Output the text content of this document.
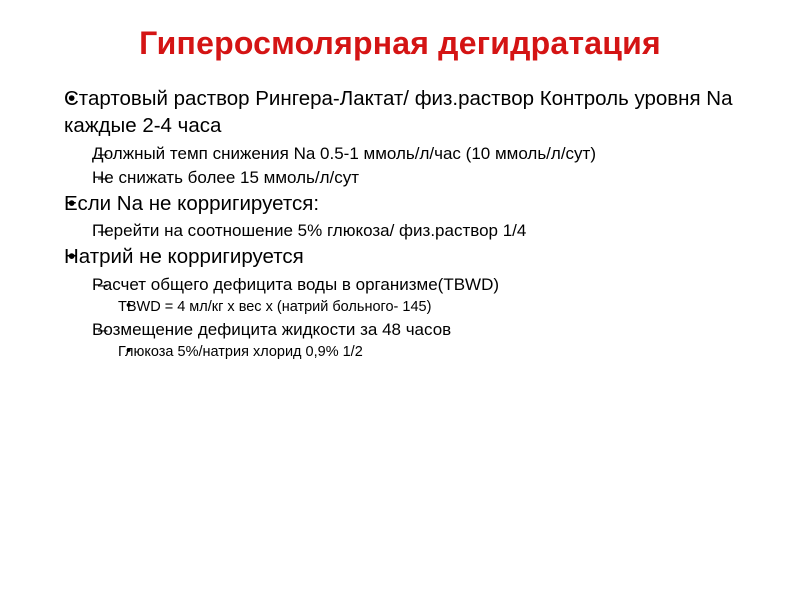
Гиперосмолярная дегидратация
• Стартовый раствор Рингера-Лактат/ физ.раствор Контроль уровня Na каждые 2-4 часа
– Должный темп снижения Na 0.5-1 ммоль/л/час (10 ммоль/л/сут)
– Не снижать более 15 ммоль/л/сут
• Если Na не корригируется:
– Перейти на соотношение 5% глюкоза/ физ.раствор 1/4
• Натрий не корригируется
– Расчет общего дефицита воды в организме(TBWD)
• TBWD = 4 мл/кг х вес х (натрий больного- 145)
– Возмещение дефицита жидкости за 48 часов
• Глюкоза 5%/натрия хлорид 0,9% 1/2
